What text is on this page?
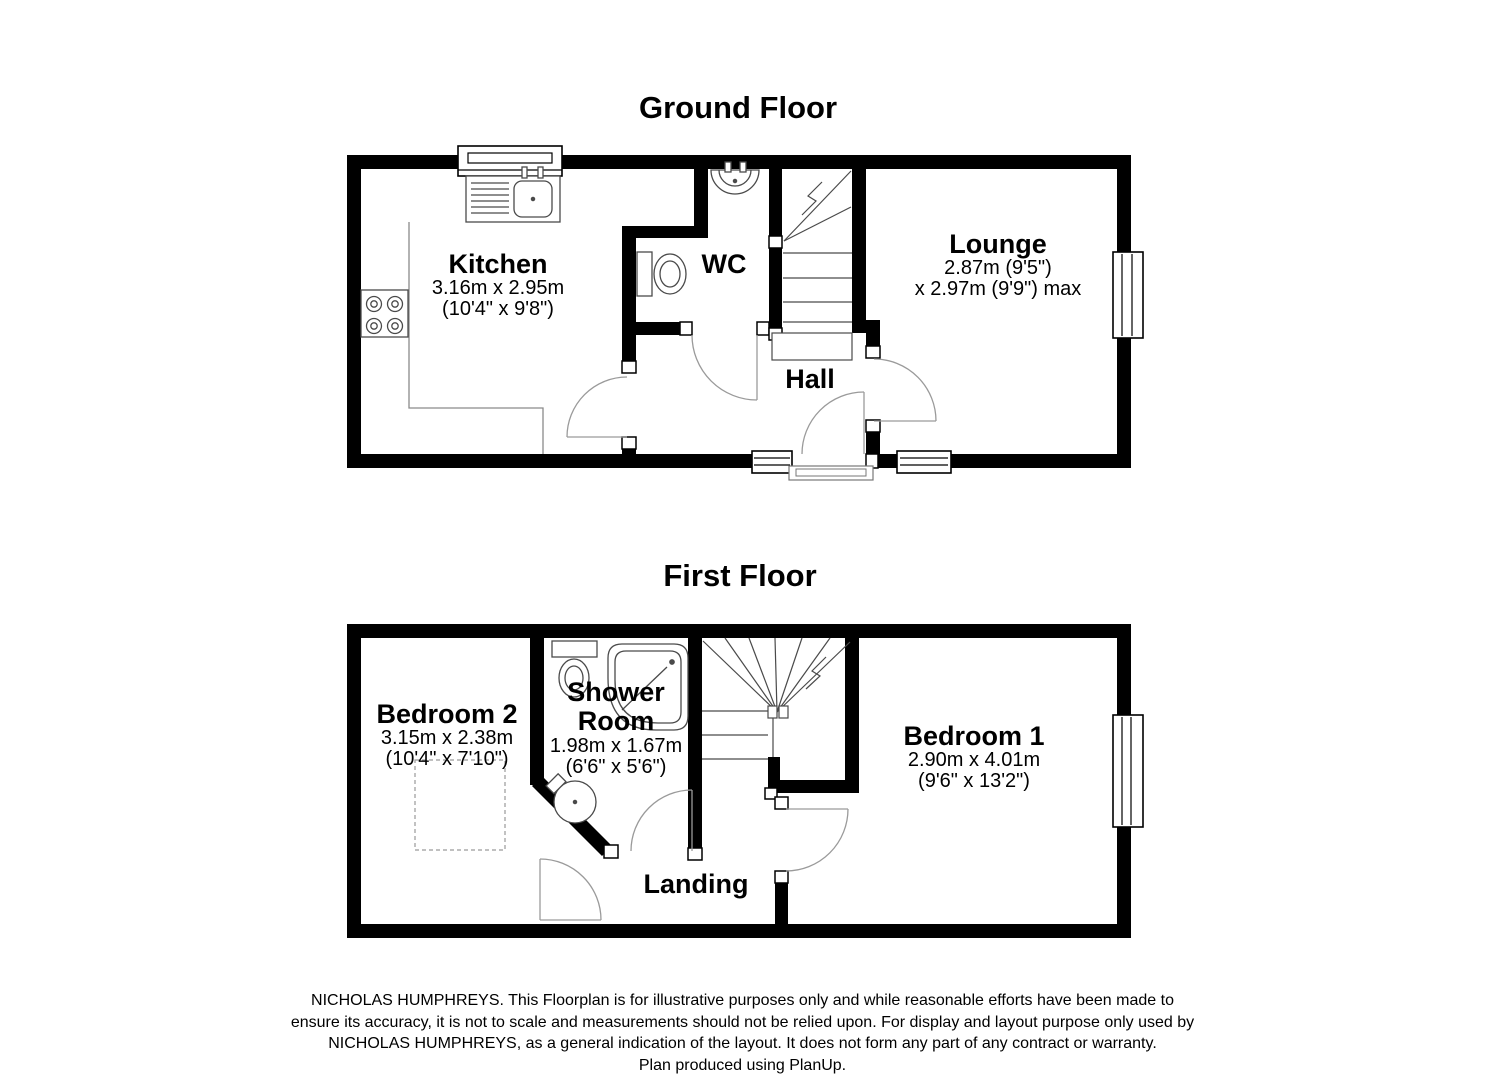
Ground Floor
First Floor
Kitchen
3.16m x 2.95m
(10'4" x 9'8")
WC
Hall
Lounge
2.87m (9'5")
x 2.97m (9'9") max
Bedroom 2
3.15m x 2.38m
(10'4" x 7'10")
Shower Room
1.98m x 1.67m
(6'6" x 5'6")
Bedroom 1
2.90m x 4.01m
(9'6" x 13'2")
Landing
NICHOLAS HUMPHREYS. This Floorplan is for illustrative purposes only and while reasonable efforts have been made to
ensure its accuracy, it is not to scale and measurements should not be relied upon. For display and layout purpose only used by
NICHOLAS HUMPHREYS, as a general indication of the layout. It does not form any part of any contract or warranty.
Plan produced using PlanUp.
